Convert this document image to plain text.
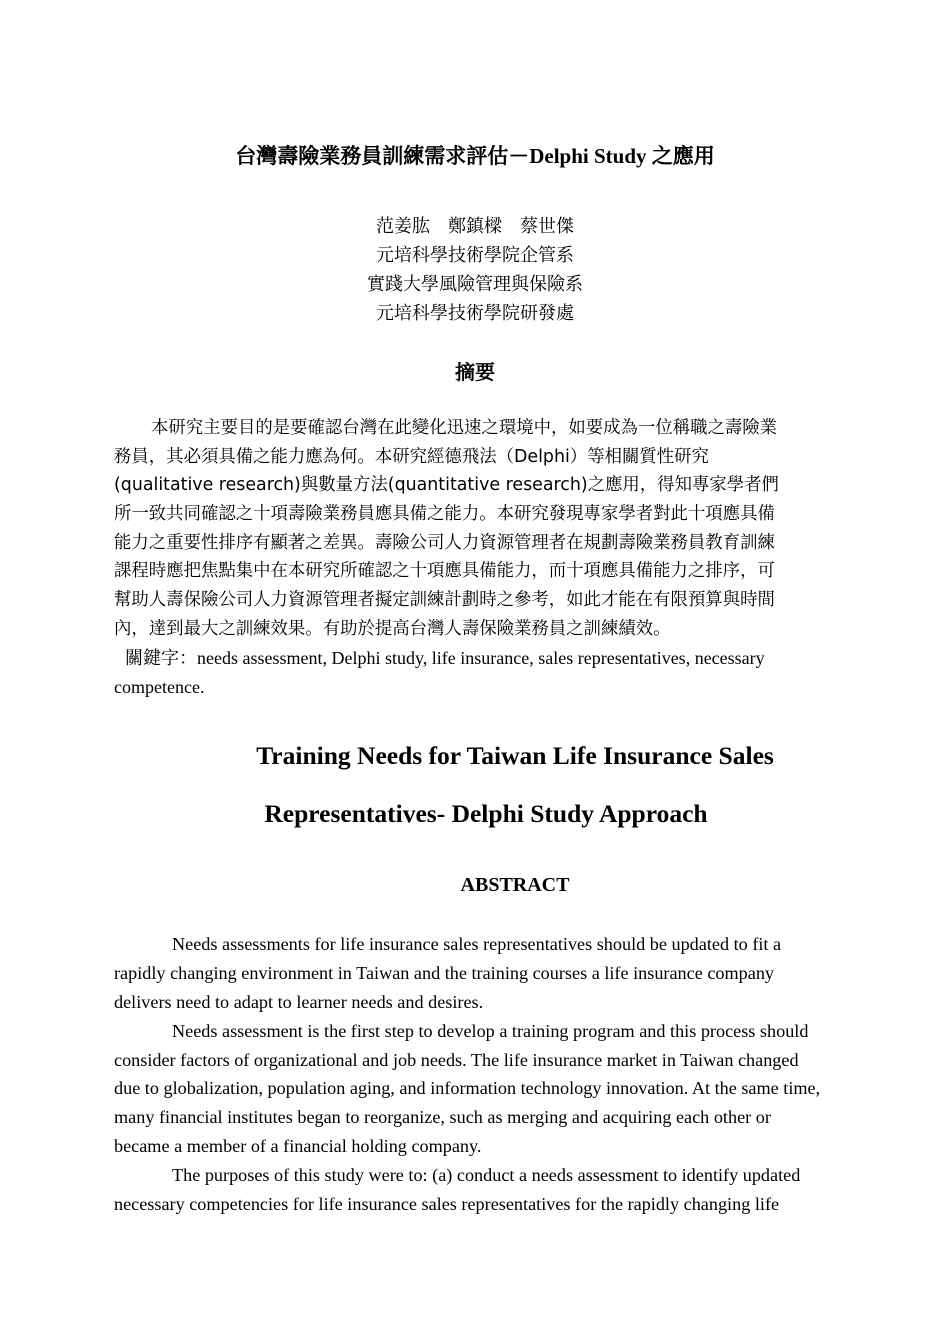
台灣壽險業務員訓練需求評估－Delphi Study 之應用
范姜肱　鄭鎮樑　蔡世傑
元培科學技術學院企管系
實踐大學風險管理與保險系
元培科學技術學院研發處
摘要
本研究主要目的是要確認台灣在此變化迅速之環境中，如要成為一位稱職之壽險業
務員，其必須具備之能力應為何。本研究經德飛法（Delphi）等相關質性研究
(qualitative research)與數量方法(quantitative research)之應用，得知專家學者們
所一致共同確認之十項壽險業務員應具備之能力。本研究發現專家學者對此十項應具備
能力之重要性排序有顯著之差異。壽險公司人力資源管理者在規劃壽險業務員教育訓練
課程時應把焦點集中在本研究所確認之十項應具備能力，而十項應具備能力之排序，可
幫助人壽保險公司人力資源管理者擬定訓練計劃時之參考，如此才能在有限預算與時間
內，達到最大之訓練效果。有助於提高台灣人壽保險業務員之訓練績效。
關鍵字：needs assessment, Delphi study, life insurance, sales representatives, necessary
competence.
Training Needs for Taiwan Life Insurance Sales
Representatives- Delphi Study Approach
ABSTRACT
Needs assessments for life insurance sales representatives should be updated to fit a
rapidly changing environment in Taiwan and the training courses a life insurance company
delivers need to adapt to learner needs and desires.
Needs assessment is the first step to develop a training program and this process should
consider factors of organizational and job needs. The life insurance market in Taiwan changed
due to globalization, population aging, and information technology innovation. At the same time,
many financial institutes began to reorganize, such as merging and acquiring each other or
became a member of a financial holding company.
The purposes of this study were to: (a) conduct a needs assessment to identify updated
necessary competencies for life insurance sales representatives for the rapidly changing life
